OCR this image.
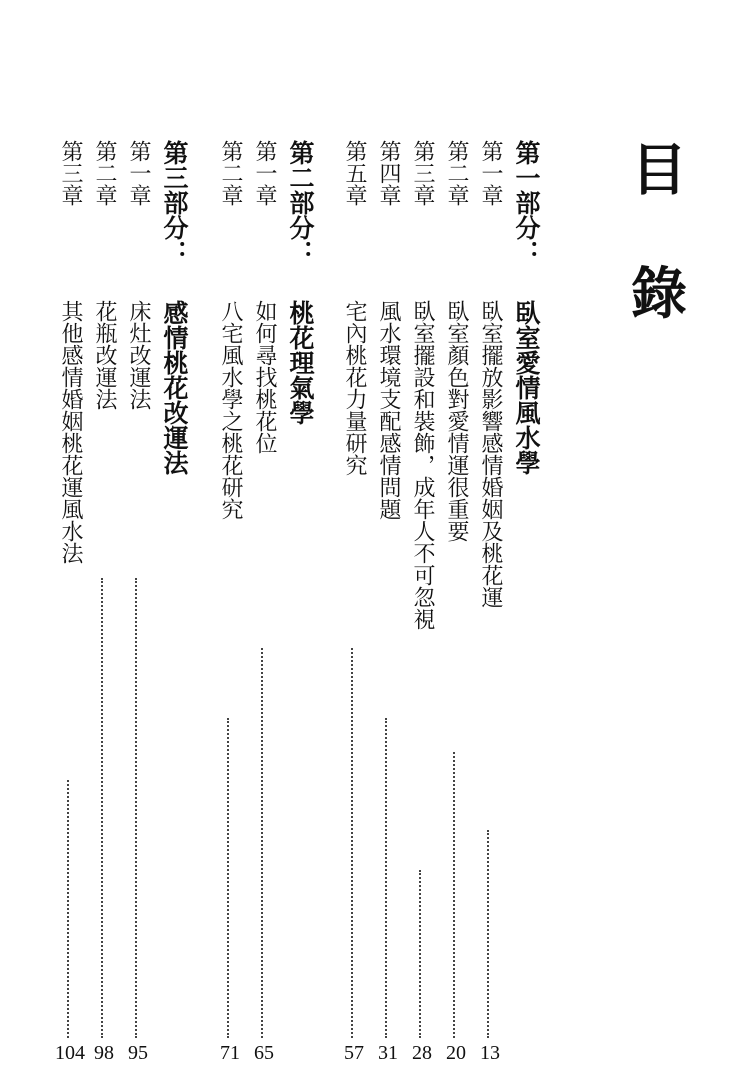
目 錄
第一部分：
臥室愛情風水學
第一章
臥室擺放影響感情婚姻及桃花運
第二章
臥室顏色對愛情運很重要
第三章
臥室擺設和裝飾，成年人不可忽視
第四章
風水環境支配感情問題
第五章
宅內桃花力量研究
第二部分：
桃花理氣學
第一章
如何尋找桃花位
第二章
八宅風水學之桃花研究
第三部分：
感情桃花改運法
第一章
床灶改運法
第二章
花瓶改運法
第三章
其他感情婚姻桃花運風水法
13
20
28
31
57
65
71
95
98
104
